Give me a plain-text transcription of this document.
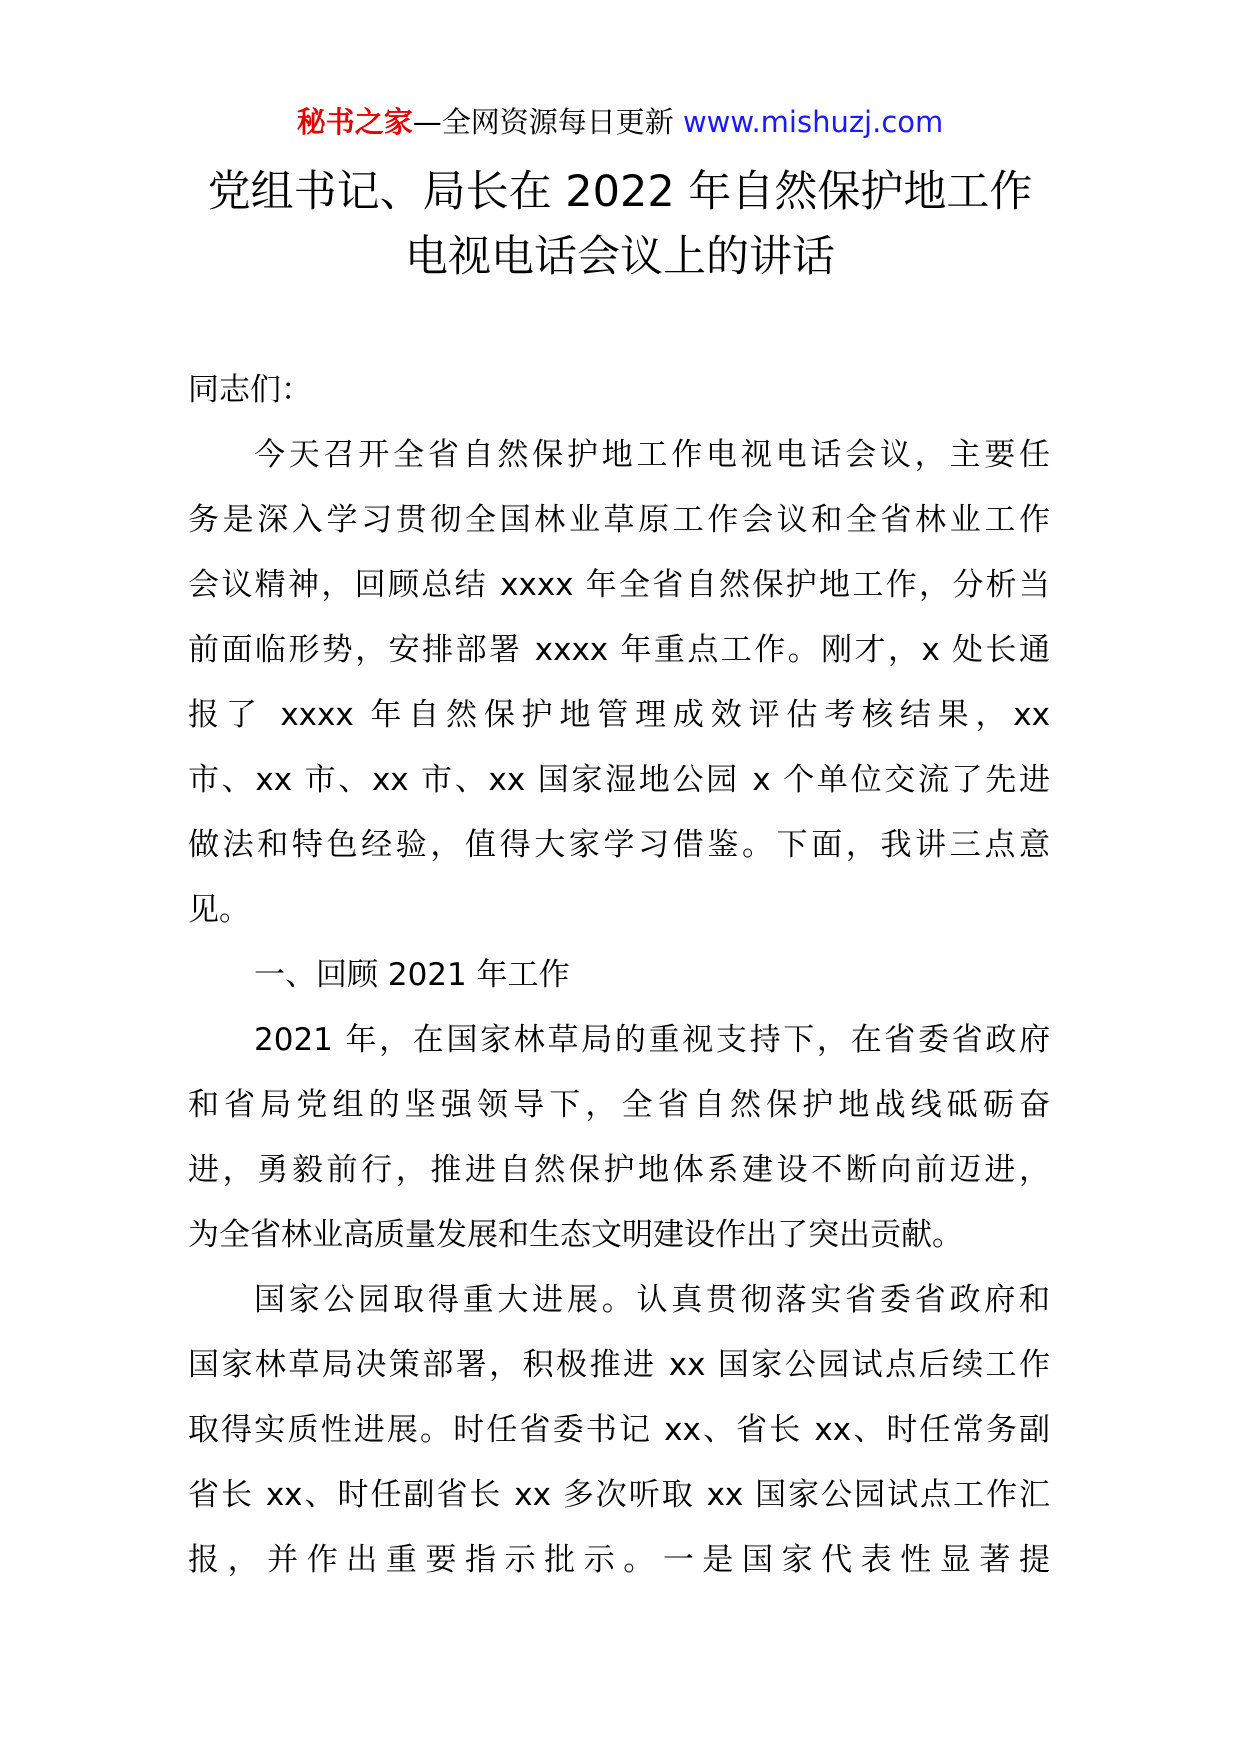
秘书之家—全网资源每日更新 www.mishuzj.com
党组书记、局长在 2022 年自然保护地工作
电视电话会议上的讲话
同志们：
今天召开全省自然保护地工作电视电话会议，主要任
务是深入学习贯彻全国林业草原工作会议和全省林业工作
会议精神，回顾总结 xxxx 年全省自然保护地工作，分析当
前面临形势，安排部署 xxxx 年重点工作。刚才，x 处长通
报了 xxxx 年自然保护地管理成效评估考核结果，xx
市、xx 市、xx 市、xx 国家湿地公园 x 个单位交流了先进
做法和特色经验，值得大家学习借鉴。下面，我讲三点意
见。
一、回顾 2021 年工作
2021 年，在国家林草局的重视支持下，在省委省政府
和省局党组的坚强领导下，全省自然保护地战线砥砺奋
进，勇毅前行，推进自然保护地体系建设不断向前迈进，
为全省林业高质量发展和生态文明建设作出了突出贡献。
国家公园取得重大进展。认真贯彻落实省委省政府和
国家林草局决策部署，积极推进 xx 国家公园试点后续工作
取得实质性进展。时任省委书记 xx、省长 xx、时任常务副
省长 xx、时任副省长 xx 多次听取 xx 国家公园试点工作汇
报，并作出重要指示批示。一是国家代表性显著提
